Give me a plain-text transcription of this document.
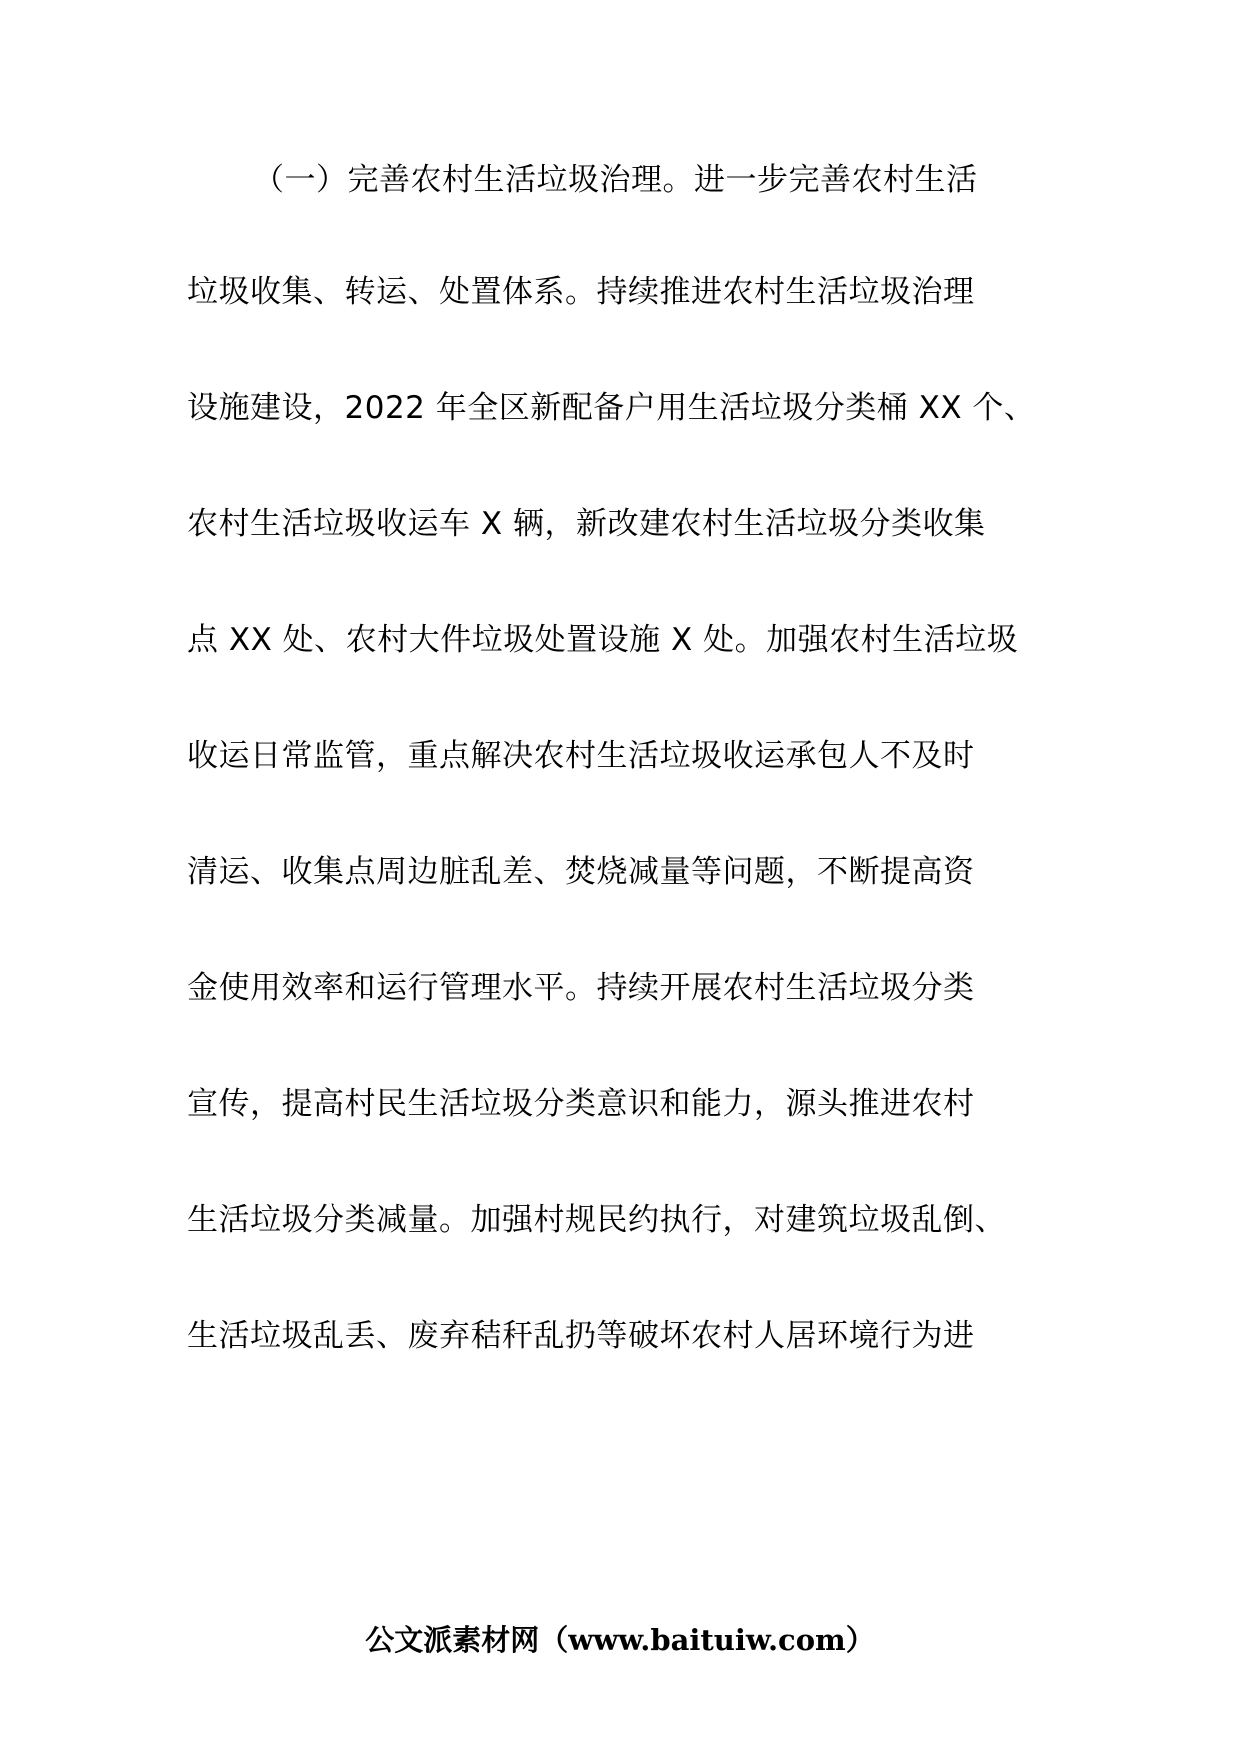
（一）完善农村生活垃圾治理。进一步完善农村生活
垃圾收集、转运、处置体系。持续推进农村生活垃圾治理
设施建设，2022 年全区新配备户用生活垃圾分类桶 XX 个、
农村生活垃圾收运车 X 辆，新改建农村生活垃圾分类收集
点 XX 处、农村大件垃圾处置设施 X 处。加强农村生活垃圾
收运日常监管，重点解决农村生活垃圾收运承包人不及时
清运、收集点周边脏乱差、焚烧减量等问题，不断提高资
金使用效率和运行管理水平。持续开展农村生活垃圾分类
宣传，提高村民生活垃圾分类意识和能力，源头推进农村
生活垃圾分类减量。加强村规民约执行，对建筑垃圾乱倒、
生活垃圾乱丢、废弃秸秆乱扔等破坏农村人居环境行为进
公文派素材网（www.baituiw.com）
